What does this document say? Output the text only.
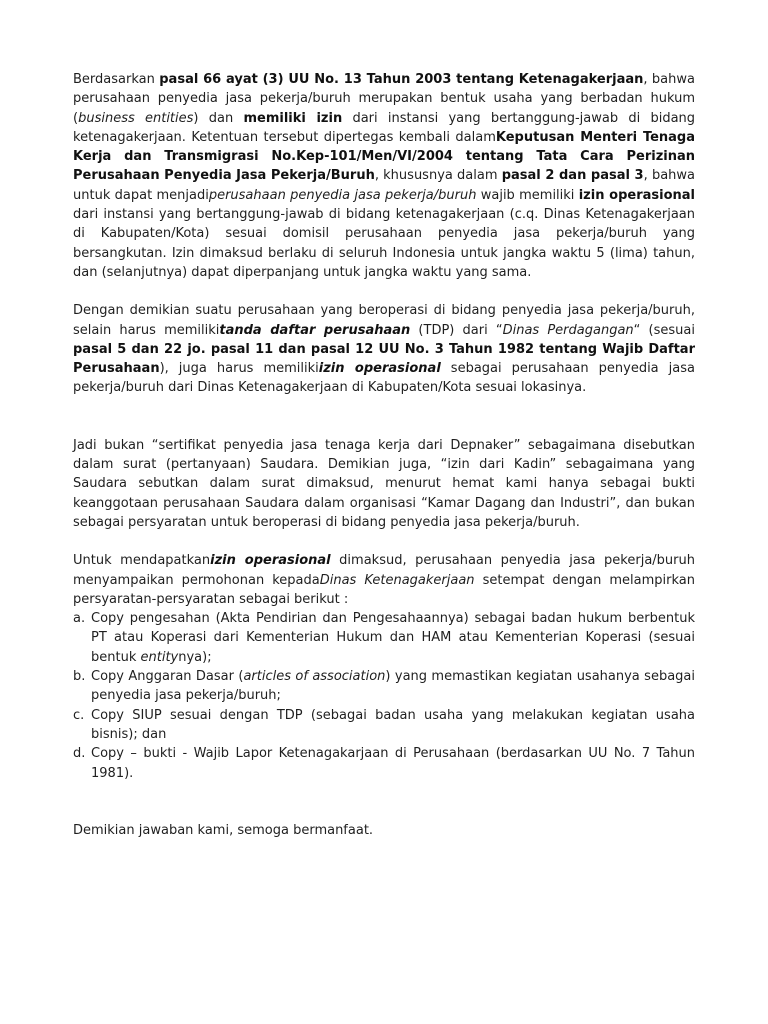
Berdasarkan pasal 66 ayat (3) UU No. 13 Tahun 2003 tentang Ketenagakerjaan, bahwa perusahaan penyedia jasa pekerja/buruh merupakan bentuk usaha yang berbadan hukum (business entities) dan memiliki izin dari instansi yang bertanggung-jawab di bidang ketenagakerjaan. Ketentuan tersebut dipertegas kembali dalamKeputusan Menteri Tenaga Kerja dan Transmigrasi No.Kep-101/Men/VI/2004 tentang Tata Cara Perizinan Perusahaan Penyedia Jasa Pekerja/Buruh, khususnya dalam pasal 2 dan pasal 3, bahwa untuk dapat menjadiperusahaan penyedia jasa pekerja/buruh wajib memiliki izin operasional dari instansi yang bertanggung-jawab di bidang ketenagakerjaan (c.q. Dinas Ketenagakerjaan di Kabupaten/Kota) sesuai domisil perusahaan penyedia jasa pekerja/buruh yang bersangkutan. Izin dimaksud berlaku di seluruh Indonesia untuk jangka waktu 5 (lima) tahun, dan (selanjutnya) dapat diperpanjang untuk jangka waktu yang sama.

Dengan demikian suatu perusahaan yang beroperasi di bidang penyedia jasa pekerja/buruh, selain harus memilikitanda daftar perusahaan (TDP) dari “Dinas Perdagangan“ (sesuai pasal 5 dan 22 jo. pasal 11 dan pasal 12 UU No. 3 Tahun 1982 tentang Wajib Daftar Perusahaan), juga harus memilikiizin operasional sebagai perusahaan penyedia jasa pekerja/buruh dari Dinas Ketenagakerjaan di Kabupaten/Kota sesuai lokasinya.

Jadi bukan “sertifikat penyedia jasa tenaga kerja dari Depnaker” sebagaimana disebutkan dalam surat (pertanyaan) Saudara. Demikian juga, “izin dari Kadin” sebagaimana yang Saudara sebutkan dalam surat dimaksud, menurut hemat kami hanya sebagai bukti keanggotaan perusahaan Saudara dalam organisasi “Kamar Dagang dan Industri”, dan bukan sebagai persyaratan untuk beroperasi di bidang penyedia jasa pekerja/buruh.

Untuk mendapatkanizin operasional dimaksud, perusahaan penyedia jasa pekerja/buruh menyampaikan permohonan kepadaDinas Ketenagakerjaan setempat dengan melampirkan persyaratan-persyaratan sebagai berikut :

a. Copy pengesahan (Akta Pendirian dan Pengesahaannya) sebagai badan hukum berbentuk PT atau Koperasi dari Kementerian Hukum dan HAM atau Kementerian Koperasi (sesuai bentuk entitynya);
b. Copy Anggaran Dasar (articles of association) yang memastikan kegiatan usahanya sebagai penyedia jasa pekerja/buruh;
c. Copy SIUP sesuai dengan TDP (sebagai badan usaha yang melakukan kegiatan usaha bisnis); dan
d. Copy – bukti - Wajib Lapor Ketenagakarjaan di Perusahaan (berdasarkan UU No. 7 Tahun 1981).

Demikian jawaban kami, semoga bermanfaat.
